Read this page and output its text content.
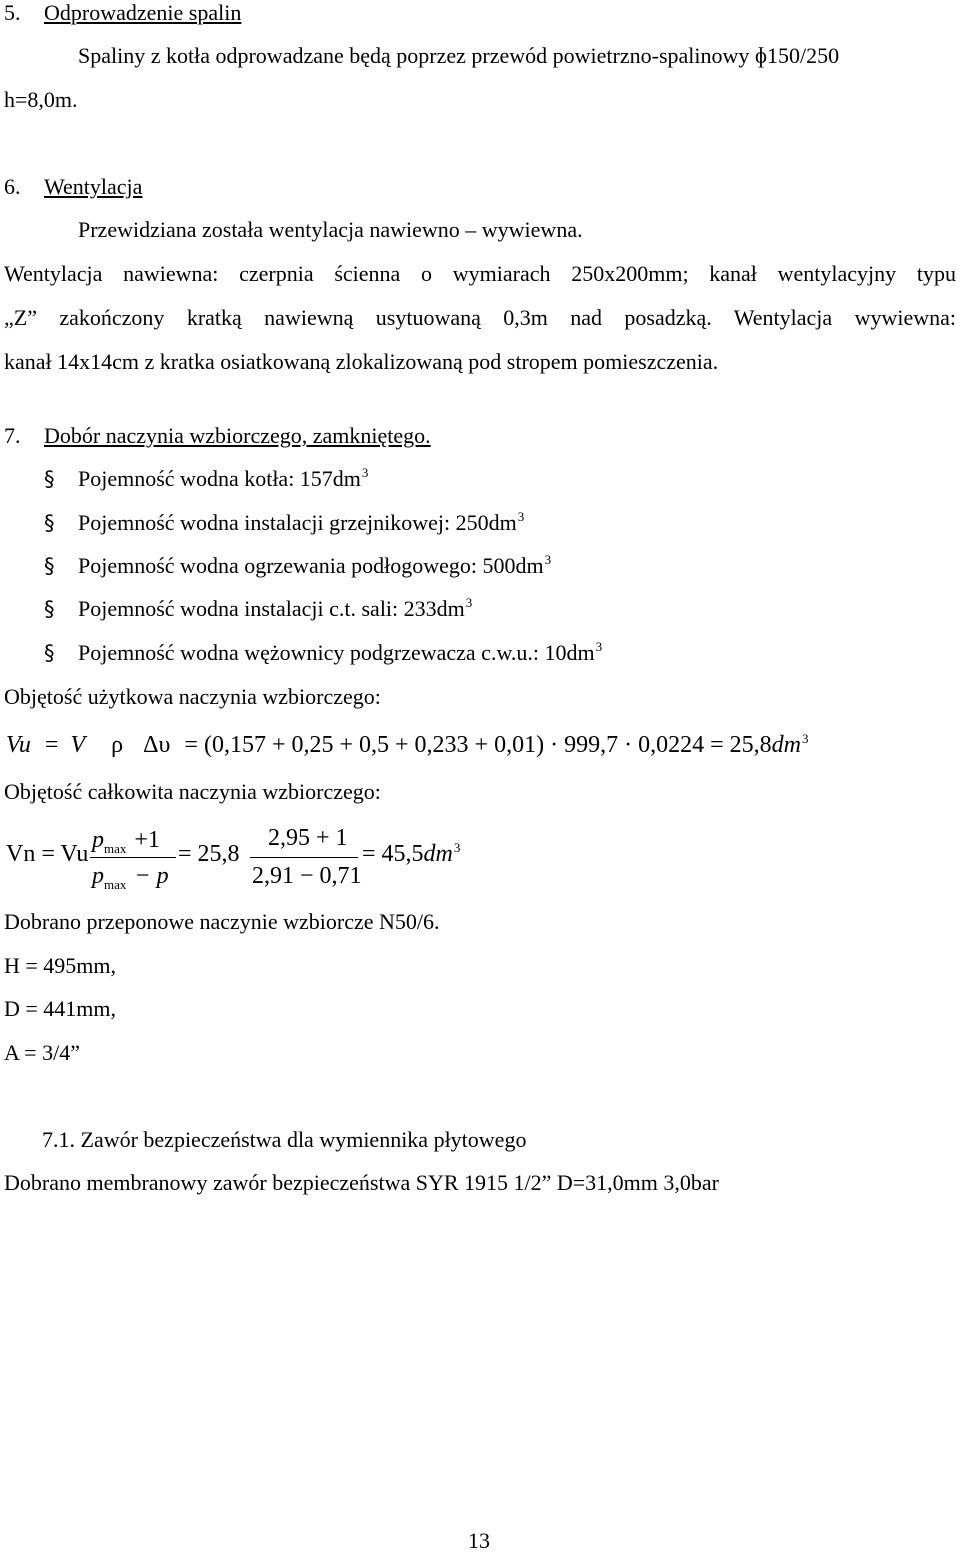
5. Odprowadzenie spalin
Spaliny z kotła odprowadzane będą poprzez przewód powietrzno-spalinowy ɸ150/250
h=8,0m.
6. Wentylacja
Przewidziana została wentylacja nawiewno – wywiewna.
Wentylacja nawiewna: czerpnia ścienna o wymiarach 250x200mm; kanał wentylacyjny typu
„Z” zakończony kratką nawiewną usytuowaną 0,3m nad posadzką. Wentylacja wywiewna:
kanał 14x14cm z kratka osiatkowaną zlokalizowaną pod stropem pomieszczenia.
7. Dobór naczynia wzbiorczego, zamkniętego.
§ Pojemność wodna kotła: $157dm^3$
§ Pojemność wodna instalacji grzejnikowej: $250dm^3$
§ Pojemność wodna ogrzewania podłogowego: $500dm^3$
§ Pojemność wodna instalacji c.t. sali: $233dm^3$
§ Pojemność wodna wężownicy podgrzewacza c.w.u.: $10dm^3$
Objętość użytkowa naczynia wzbiorczego:
Vu = V ρ $\Delta\upsilon = (0,157 + 0,25 + 0,5 + 0,233 + 0,01) \cdot 999,7 \cdot 0,0224 = 25,8dm^3$
Objętość całkowita naczynia wzbiorczego:
Vn = Vu
$p_{max} +1$
$p_{max} - p$
= 25,8
2,95 + 1
2,91 − 0,71
= $45,5dm^3$
Dobrano przeponowe naczynie wzbiorcze N50/6.
H = 495mm,
D = 441mm,
A = 3/4”
7.1. Zawór bezpieczeństwa dla wymiennika płytowego
Dobrano membranowy zawór bezpieczeństwa SYR 1915 1/2” D=31,0mm 3,0bar
13
